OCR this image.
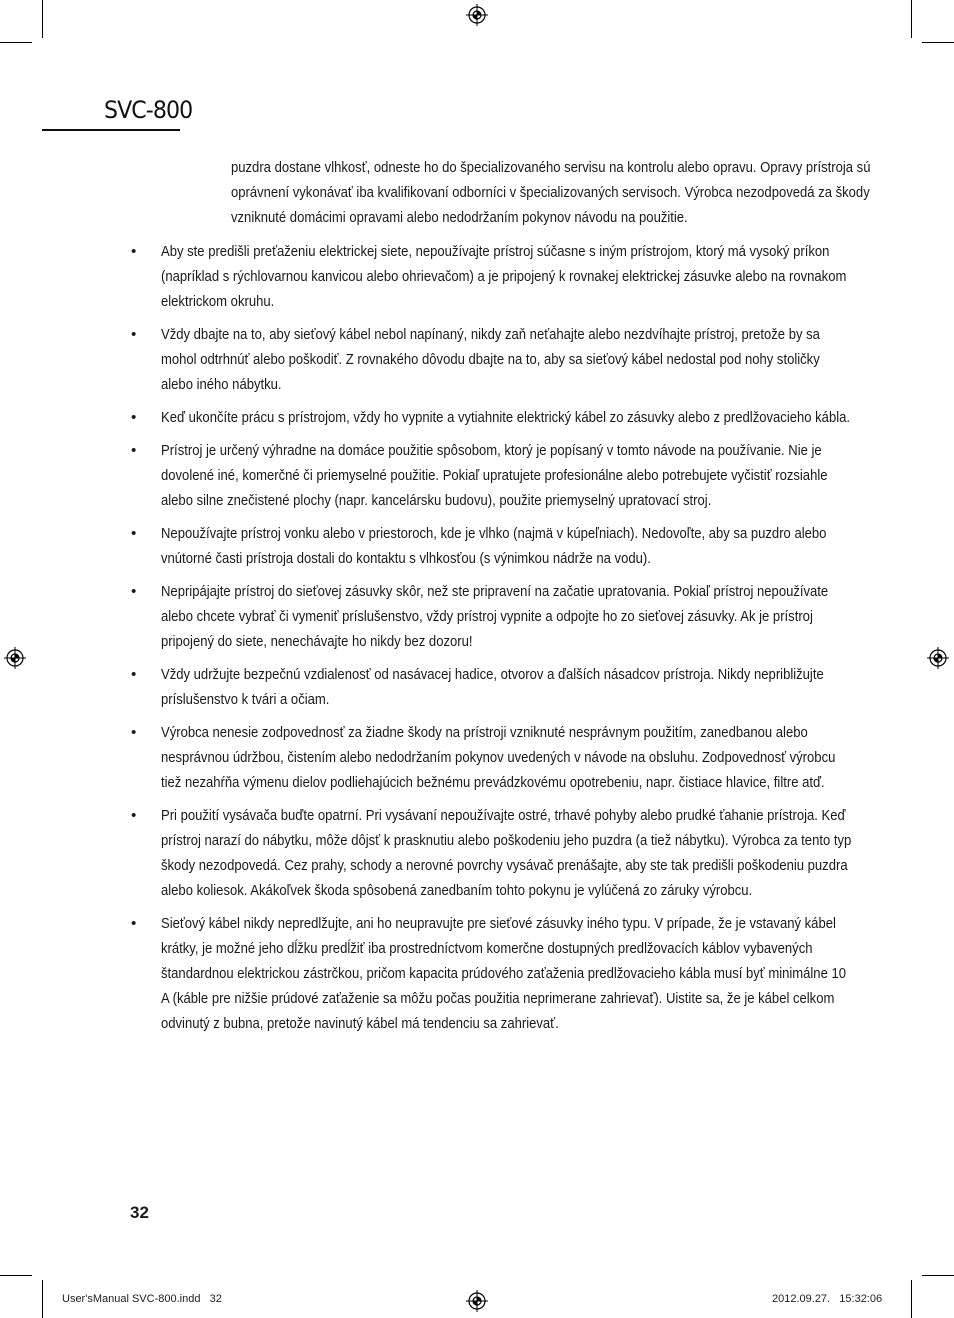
SVC-800

puzdra dostane vlhkosť, odneste ho do špecializovaného servisu na kontrolu alebo opravu. Opravy prístroja sú oprávnení vykonávať iba kvalifikovaní odborníci v špecializovaných servisoch. Výrobca nezodpovedá za škody vzniknuté domácimi opravami alebo nedodržaním pokynov návodu na použitie.

• Aby ste predišli preťaženiu elektrickej siete, nepoužívajte prístroj súčasne s iným prístrojom, ktorý má vysoký príkon (napríklad s rýchlovarnou kanvicou alebo ohrievačom) a je pripojený k rovnakej elektrickej zásuvke alebo na rovnakom elektrickom okruhu.
• Vždy dbajte na to, aby sieťový kábel nebol napínaný, nikdy zaň neťahajte alebo nezdvíhajte prístroj, pretože by sa mohol odtrhnúť alebo poškodiť. Z rovnakého dôvodu dbajte na to, aby sa sieťový kábel nedostal pod nohy stoličky alebo iného nábytku.
• Keď ukončíte prácu s prístrojom, vždy ho vypnite a vytiahnite elektrický kábel zo zásuvky alebo z predlžovacieho kábla.
• Prístroj je určený výhradne na domáce použitie spôsobom, ktorý je popísaný v tomto návode na používanie. Nie je dovolené iné, komerčné či priemyselné použitie. Pokiaľ upratujete profesionálne alebo potrebujete vyčistiť rozsiahle alebo silne znečistené plochy (napr. kancelársku budovu), použite priemyselný upratovací stroj.
• Nepoužívajte prístroj vonku alebo v priestoroch, kde je vlhko (najmä v kúpeľniach). Nedovoľte, aby sa puzdro alebo vnútorné časti prístroja dostali do kontaktu s vlhkosťou (s výnimkou nádrže na vodu).
• Nepripájajte prístroj do sieťovej zásuvky skôr, než ste pripravení na začatie upratovania. Pokiaľ prístroj nepoužívate alebo chcete vybrať či vymeniť príslušenstvo, vždy prístroj vypnite a odpojte ho zo sieťovej zásuvky. Ak je prístroj pripojený do siete, nenechávajte ho nikdy bez dozoru!
• Vždy udržujte bezpečnú vzdialenosť od nasávacej hadice, otvorov a ďalších násadcov prístroja. Nikdy nepribližujte príslušenstvo k tvári a očiam.
• Výrobca nenesie zodpovednosť za žiadne škody na prístroji vzniknuté nesprávnym použitím, zanedbanou alebo nesprávnou údržbou, čistením alebo nedodržaním pokynov uvedených v návode na obsluhu. Zodpovednosť výrobcu tiež nezahŕňa výmenu dielov podliehajúcich bežnému prevádzkovému opotrebeniu, napr. čistiace hlavice, filtre atď.
• Pri použití vysávača buďte opatrní. Pri vysávaní nepoužívajte ostré, trhavé pohyby alebo prudké ťahanie prístroja. Keď prístroj narazí do nábytku, môže dôjsť k prasknutiu alebo poškodeniu jeho puzdra (a tiež nábytku). Výrobca za tento typ škody nezodpovedá. Cez prahy, schody a nerovné povrchy vysávač prenášajte, aby ste tak predišli poškodeniu puzdra alebo koliesok. Akákoľvek škoda spôsobená zanedbaním tohto pokynu je vylúčená zo záruky výrobcu.
• Sieťový kábel nikdy nepredlžujte, ani ho neupravujte pre sieťové zásuvky iného typu. V prípade, že je vstavaný kábel krátky, je možné jeho dĺžku predĺžiť iba prostredníctvom komerčne dostupných predlžovacích káblov vybavených štandardnou elektrickou zástrčkou, pričom kapacita prúdového zaťaženia predlžovacieho kábla musí byť minimálne 10 A (káble pre nižšie prúdové zaťaženie sa môžu počas použitia neprimerane zahrievať). Uistite sa, že je kábel celkom odvinutý z bubna, pretože navinutý kábel má tendenciu sa zahrievať.
32
User'sManual SVC-800.indd   32	2012.09.27.   15:32:06
